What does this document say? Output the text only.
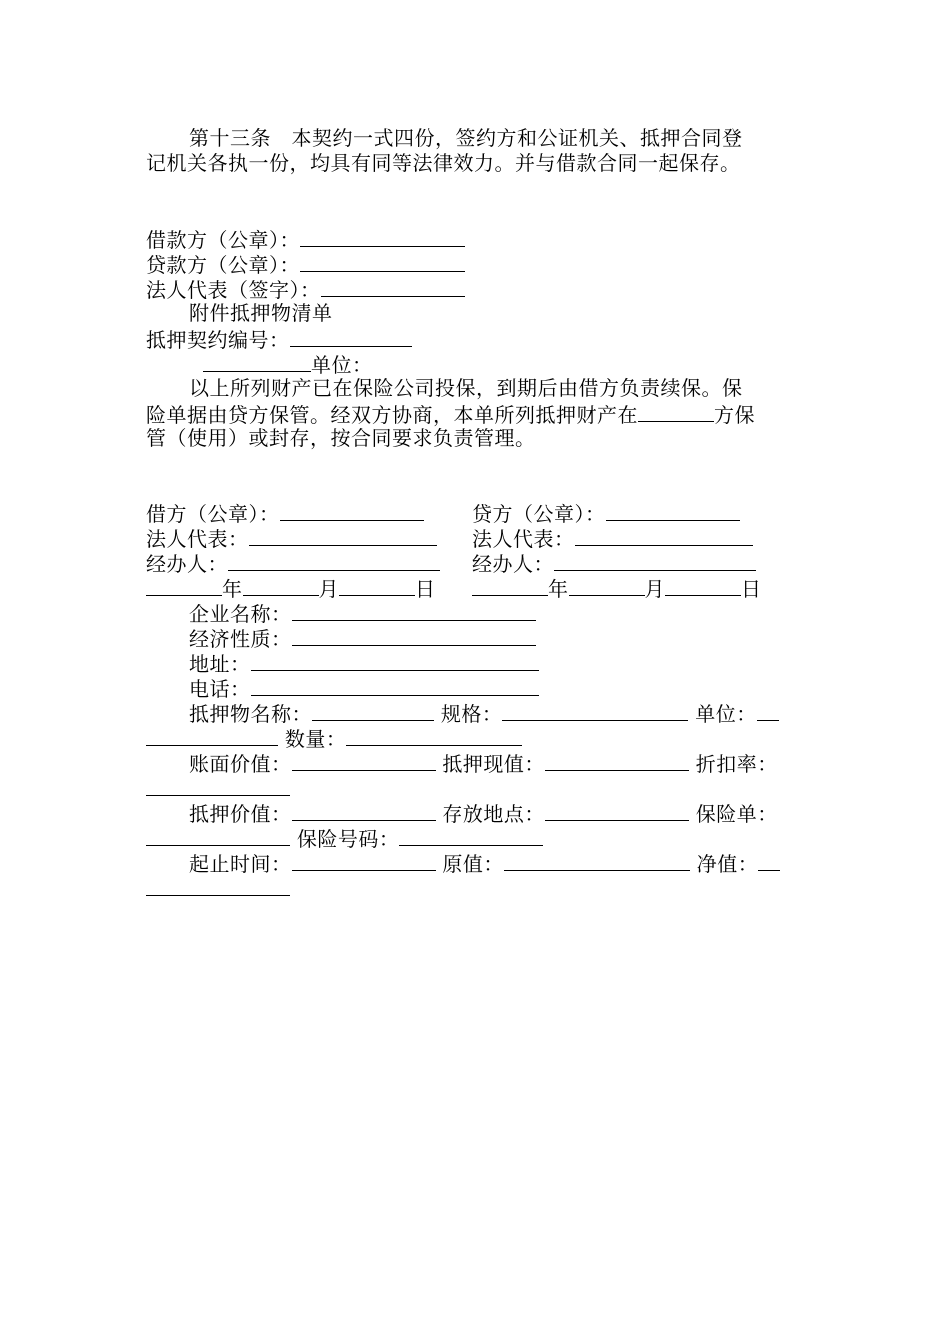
第十三条　本契约一式四份，签约方和公证机关、抵押合同登
记机关各执一份，均具有同等法律效力。并与借款合同一起保存。
借款方（公章）：
贷款方（公章）：
法人代表（签字）：
附件抵押物清单
抵押契约编号：
单位：
以上所列财产已在保险公司投保，到期后由借方负责续保。保
险单据由贷方保管。经双方协商，本单所列抵押财产在	方保
管（使用）或封存，按合同要求负责管理。
借方（公章）：	贷方（公章）：
法人代表：	法人代表：
经办人：	经办人：
年	月	日	年	月	日
企业名称：
经济性质：
地址：
电话：
抵押物名称：	规格：	单位：
数量：
账面价值：	抵押现值：	折扣率：
抵押价值：	存放地点：	保险单：
保险号码：
起止时间：	原值：	净值：
